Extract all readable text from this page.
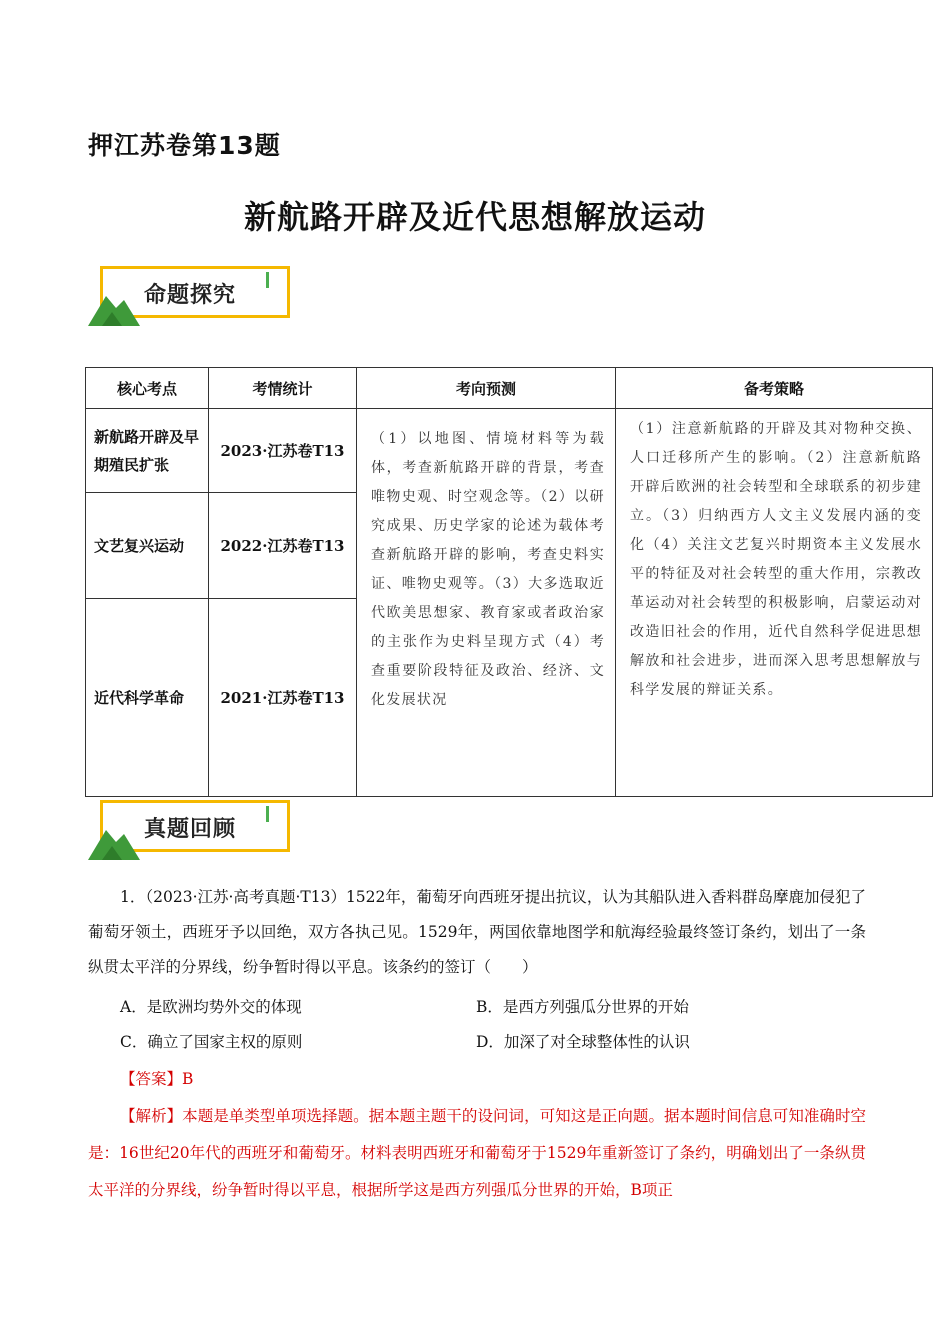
押江苏卷第13题
新航路开辟及近代思想解放运动
命题探究
核心考点	考情统计	考向预测	备考策略
新航路开辟及早期殖民扩张	2023·江苏卷T13	（1）以地图、情境材料等为载体，考查新航路开辟的背景，考查唯物史观、时空观念等。（2）以研究成果、历史学家的论述为载体考查新航路开辟的影响，考查史料实证、唯物史观等。（3）大多选取近代欧美思想家、教育家或者政治家的主张作为史料呈现方式（4）考查重要阶段特征及政治、经济、文化发展状况	（1）注意新航路的开辟及其对物种交换、人口迁移所产生的影响。（2）注意新航路开辟后欧洲的社会转型和全球联系的初步建立。（3）归纳西方人文主义发展内涵的变化（4）关注文艺复兴时期资本主义发展水平的特征及对社会转型的重大作用，宗教改革运动对社会转型的积极影响，启蒙运动对改造旧社会的作用，近代自然科学促进思想解放和社会进步，进而深入思考思想解放与科学发展的辩证关系。

文艺复兴运动	2022·江苏卷T13		
近代科学革命	2021·江苏卷T13		
真题回顾
1．（2023·江苏·高考真题·T13）1522年，葡萄牙向西班牙提出抗议，认为其船队进入香料群岛摩鹿加侵犯了葡萄牙领土，西班牙予以回绝，双方各执己见。1529年，两国依靠地图学和航海经验最终签订条约，划出了一条纵贯太平洋的分界线，纷争暂时得以平息。该条约的签订（　　）
A．是欧洲均势外交的体现	B．是西方列强瓜分世界的开始
C．确立了国家主权的原则	D．加深了对全球整体性的认识
【答案】B
【解析】本题是单类型单项选择题。据本题主题干的设问词，可知这是正向题。据本题时间信息可知准确时空是：16世纪20年代的西班牙和葡萄牙。材料表明西班牙和葡萄牙于1529年重新签订了条约，明确划出了一条纵贯太平洋的分界线，纷争暂时得以平息，根据所学这是西方列强瓜分世界的开始，B项正
